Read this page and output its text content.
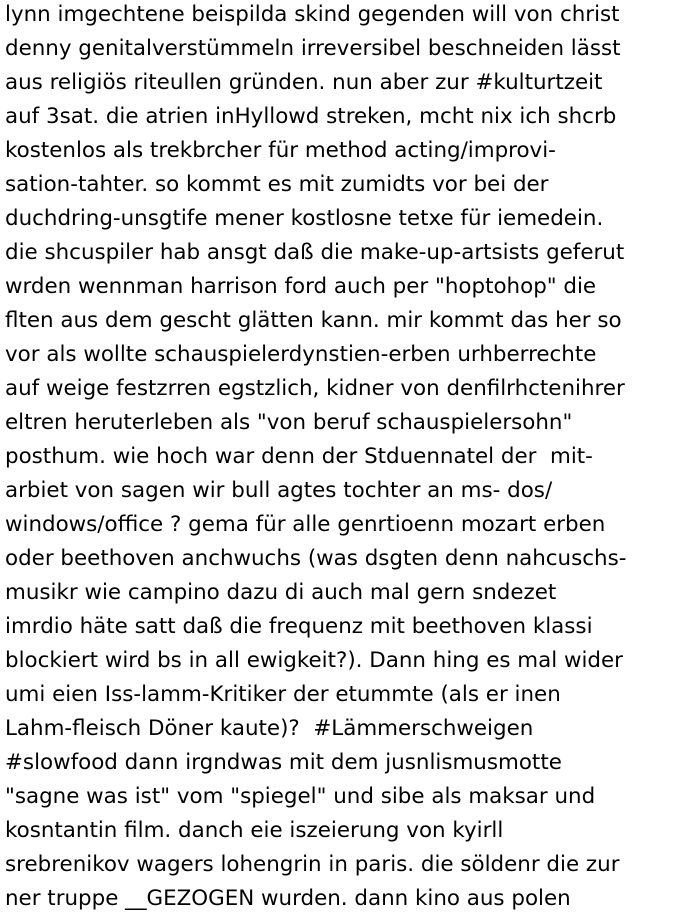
lynn imgechtene beispilda skind gegenden will von christ
denny genitalverstümmeln irreversibel beschneiden lässt
aus religiös riteullen gründen. nun aber zur #kulturtzeit
auf 3sat. die atrien inHyllowd streken, mcht nix ich shcrb
kostenlos als trekbrcher für method acting/improvi-
sation-tahter. so kommt es mit zumidts vor bei der
duchdring-unsgtife mener kostlosne tetxe für iemedein.
die shcuspiler hab ansgt daß die make-up-artsists geferut
wrden wennman harrison ford auch per "hoptohop" die
flten aus dem gescht glätten kann. mir kommt das her so
vor als wollte schauspielerdynstien-erben urhberrechte
auf weige festzrren egstzlich, kidner von denfilrhctenihrer
eltren heruterleben als "von beruf schauspielersohn"
posthum. wie hoch war denn der Stduennatel der  mit-
arbiet von sagen wir bull agtes tochter an ms- dos/
windows/office ? gema für alle genrtioenn mozart erben
oder beethoven anchwuchs (was dsgten denn nahcuschs-
musikr wie campino dazu di auch mal gern sndezet
imrdio häte satt daß die frequenz mit beethoven klassi
blockiert wird bs in all ewigkeit?). Dann hing es mal wider
umi eien Iss-lamm-Kritiker der etummte (als er inen
Lahm-fleisch Döner kaute)?  #Lämmerschweigen
#slowfood dann irgndwas mit dem jusnlismusmotte
"sagne was ist" vom "spiegel" und sibe als maksar und
kosntantin film. danch eie iszeierung von kyirll
srebrenikov wagers lohengrin in paris. die söldenr die zur
ner truppe __GEZOGEN wurden. dann kino aus polen
